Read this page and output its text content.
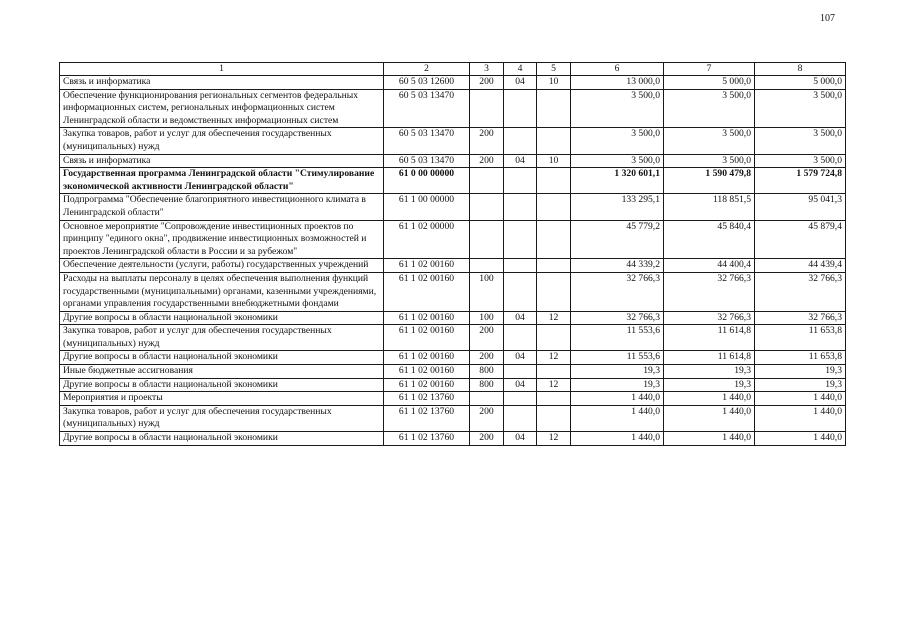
107
1	2	3	4	5	6	7	8
Связь и информатика	60 5 03 12600	200	04	10	13 000,0	5 000,0	5 000,0
Обеспечение функционирования региональных сегментов федеральных информационных систем, региональных информационных систем Ленинградской области и ведомственных информационных систем	60 5 03 13470				3 500,0	3 500,0	3 500,0
Закупка товаров, работ и услуг для обеспечения государственных (муниципальных) нужд	60 5 03 13470	200			3 500,0	3 500,0	3 500,0
Связь и информатика	60 5 03 13470	200	04	10	3 500,0	3 500,0	3 500,0
Государственная программа Ленинградской области "Стимулирование экономической активности Ленинградской области"	61 0 00 00000				1 320 601,1	1 590 479,8	1 579 724,8
Подпрограмма "Обеспечение благоприятного инвестиционного климата в Ленинградской области"	61 1 00 00000				133 295,1	118 851,5	95 041,3
Основное мероприятие "Сопровождение инвестиционных проектов по принципу "единого окна", продвижение инвестиционных возможностей и проектов Ленинградской области в России и за рубежом"	61 1 02 00000				45 779,2	45 840,4	45 879,4
Обеспечение деятельности (услуги, работы) государственных учреждений	61 1 02 00160				44 339,2	44 400,4	44 439,4
Расходы на выплаты персоналу в целях обеспечения выполнения функций государственными (муниципальными) органами, казенными учреждениями, органами управления государственными внебюджетными фондами	61 1 02 00160	100			32 766,3	32 766,3	32 766,3
Другие вопросы в области национальной экономики	61 1 02 00160	100	04	12	32 766,3	32 766,3	32 766,3
Закупка товаров, работ и услуг для обеспечения государственных (муниципальных) нужд	61 1 02 00160	200			11 553,6	11 614,8	11 653,8
Другие вопросы в области национальной экономики	61 1 02 00160	200	04	12	11 553,6	11 614,8	11 653,8
Иные бюджетные ассигнования	61 1 02 00160	800			19,3	19,3	19,3
Другие вопросы в области национальной экономики	61 1 02 00160	800	04	12	19,3	19,3	19,3
Мероприятия и проекты	61 1 02 13760				1 440,0	1 440,0	1 440,0
Закупка товаров, работ и услуг для обеспечения государственных (муниципальных) нужд	61 1 02 13760	200			1 440,0	1 440,0	1 440,0
Другие вопросы в области национальной экономики	61 1 02 13760	200	04	12	1 440,0	1 440,0	1 440,0
